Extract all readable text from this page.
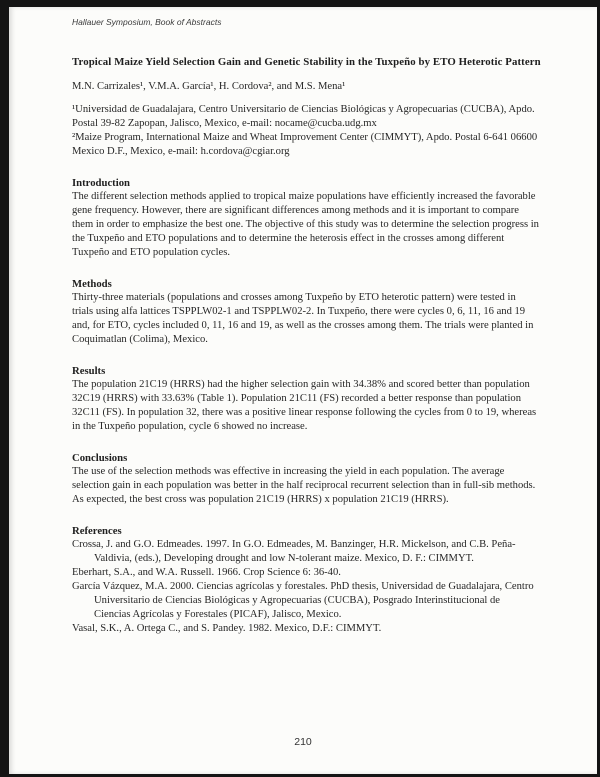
Hallauer Symposium, Book of Abstracts
Tropical Maize Yield Selection Gain and Genetic Stability in the Tuxpeño by ETO Heterotic Pattern
M.N. Carrizales¹, V.M.A. García¹, H. Cordova², and M.S. Mena¹
¹Universidad de Guadalajara, Centro Universitario de Ciencias Biológicas y Agropecuarias (CUCBA), Apdo. Postal 39-82 Zapopan, Jalisco, Mexico, e-mail: nocame@cucba.udg.mx
²Maize Program, International Maize and Wheat Improvement Center (CIMMYT), Apdo. Postal 6-641 06600 Mexico D.F., Mexico, e-mail: h.cordova@cgiar.org
Introduction
The different selection methods applied to tropical maize populations have efficiently increased the favorable gene frequency. However, there are significant differences among methods and it is important to compare them in order to emphasize the best one. The objective of this study was to determine the selection progress in the Tuxpeño and ETO populations and to determine the heterosis effect in the crosses among different Tuxpeño and ETO population cycles.
Methods
Thirty-three materials (populations and crosses among Tuxpeño by ETO heterotic pattern) were tested in trials using alfa lattices TSPPLW02-1 and TSPPLW02-2. In Tuxpeño, there were cycles 0, 6, 11, 16 and 19 and, for ETO, cycles included 0, 11, 16 and 19, as well as the crosses among them. The trials were planted in Coquimatlan (Colima), Mexico.
Results
The population 21C19 (HRRS) had the higher selection gain with 34.38% and scored better than population 32C19 (HRRS) with 33.63% (Table 1). Population 21C11 (FS) recorded a better response than population 32C11 (FS). In population 32, there was a positive linear response following the cycles from 0 to 19, whereas in the Tuxpeño population, cycle 6 showed no increase.
Conclusions
The use of the selection methods was effective in increasing the yield in each population. The average selection gain in each population was better in the half reciprocal recurrent selection than in full-sib methods. As expected, the best cross was population 21C19 (HRRS) x population 21C19 (HRRS).
References
Crossa, J. and G.O. Edmeades. 1997. In G.O. Edmeades, M. Banzinger, H.R. Mickelson, and C.B. Peña-Valdivia, (eds.), Developing drought and low N-tolerant maize. Mexico, D. F.: CIMMYT.
Eberhart, S.A., and W.A. Russell. 1966. Crop Science 6: 36-40.
García Vázquez, M.A. 2000. Ciencias agrícolas y forestales. PhD thesis, Universidad de Guadalajara, Centro Universitario de Ciencias Biológicas y Agropecuarias (CUCBA), Posgrado Interinstitucional de Ciencias Agrícolas y Forestales (PICAF), Jalisco, Mexico.
Vasal, S.K., A. Ortega C., and S. Pandey. 1982. Mexico, D.F.: CIMMYT.
210
